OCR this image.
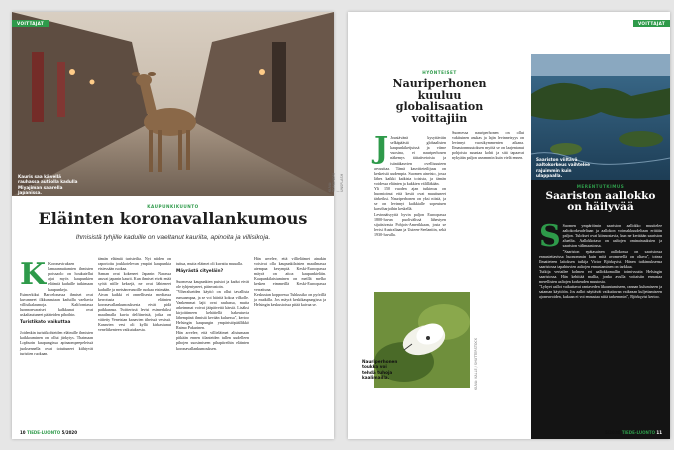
VOITTAJAT
Kauris saa kävellä rauhassa autiolla kadulla Miyajiman saarella Japanissa.
KAUPUNKIKUUNTO
Eläinten koronavallankumous
Ihmisistä tyhjille kaduille on vaeltanut kauriita, apinoita ja villisikoja.

K Koronaviruksen lamaannuttamien ihmisten poissaolo on houkutellut ajat myös kaupunkien eläimiä kaduille tutkimaan kaupunkeja.
Esimerkiksi Barcelonassa ihmiset ovat kuvanneet ilkkunastaan kaduilla vaeltavia villisikalaumoja. Kaliforniassa luonnonvaraiset kalkkunat ovat uskaltautuneet pääteiden pihoihin.

Turistikato vaikuttaa

Joidenkin turistikohteiden eläimille ihmisten kaikkoaminen on ollut järkytys. Thaimaan Lopburin kaupungissa apinaompeepeleissä juoksennella ovat totuttuneet kiihtyvät turistien ruokaan.

tämän eläimiä turisteilta. Nyt niiden on raportoitu joukkotelevan ympäri kaupunkia etsiessään ruokaa.
Saman ovat kokeneet Japanin Narassa asuvat japanin kaurit. Kun ihmiset eivät enää syötä niille keksejä, ne ovat lähteneet kaduille ja metsänreunoille ruokaa etsimään.
Aivan kaikki ei onnellisesta mediassa kerrotusta eläinten koronavallankumouksesta eivät pidä paikkaansa. Twitterissä levisi esimerkiksi maailmalla kuvia delfiineistä, jotka on väitetty Venetsian kanavien tiheissä vesissä. Kanavien vesi oli kyllä kirkastunut veneliikenteen vaikutuksesta.

tuttua, mutta eläimet oli kuvattu muualla.

Mäyrästä cityeläin?

Suomessa kaupunkien puistot ja kadut eivät ole tyhjentyneet, päinvastoin.
"Viheralueiden käyttö on ollut tavallista runsaampaa, ja se voi häiritä kokoa vilkolle. Vankemmat lajit ovat rauhassa, mutta arkeimmat voivat jääpäivettä kärsiä. Lisäksi kirjoittimeen kehätiellä hakeutuvia lähempänä ihmisiä kevään kuluessa", kertoo Helsingin kaupungin ympäristöpäällikkö Raimo Pakarinen.
Hän arvelee, että villieläimet alistumaan pitkään ennen tilanteiden tullen uudelleen pihojen suosimiseen pihapiireihin eläinten koronavallankumouksen.

Hän arvelee, että villieläimet ainakin voisivat olla kaupunkilaisten maailmassa aiempaa kesympiä. Keski-Euroopassa mäyrä on aitoa kaupunkieläin. Kaupunkilaistuminen on meillä melko kesken eimmeillä Keski-Euroopassa verrattuna.
Keskustan koppoessa Tuhkusiko on pyörillä ja mutkilla. Jos mäyrä keskikaupungissa ja Helsingin keskustoissa pitää kaivaa se.
10 TIEDE-LUONTO 5/2020
KUVA: TOMONORI / UNSPLASH
VOITTAJAT
HYÖNTEISET
Nauriperhonen kuuluu globalisaation voittajiin

J Joustävänä kysyttäväin selkäpäästä globaalisten kaupunkiketjuissä ja viime vuosina, ei nauriperhosen näkemys täitaitvetoista ja isäntäkasvien ovellisuuteen arvuuttaa. Tämä kasvitieteilijuus on keskeisiä uudempia. Suomen aineisto, jossa lähes kaikki kaikista toisista, ja tämän voidessa eläinten ja kukkien välilläkään.
Yli 150 vuoden ajan tutkimus on huomioinut että kesät ovat muuttuneet tärkeiksi. Nauriperhonen on yksi niistä, ja se on levinnyt kaikkialle sopeutuen kasviharjoihin keskellä.
Levinnäisyyttä hyvin paljon Euroopassa 1800-luvun puolivälissä lähestyen sijaitsivasta Pohjois-Amerikkaan, josta se levisi Australiaan ja Uuteen-Seelantiin, sekä 1930-luvulla.

Suomessa nauriperhonen on ollut vakituinen asukas ja lajin levinneisyys on levinnyt vuosikymmenten aikana. Ilmastonmuutoksen myötä se on laajentanut pohjoista suuntaa kohti ja sitä tapaavat nykyään paljon useammin kuin vielä ennen.
Nauriperhonen toukka voi tehdä tuhoja kaalimailla.
Saariston viiltävä aaltokorkeus vaihtelee rajuimmin kuin ulappaalla.
MERENTUTKIMUS
Saariston aallokko on häilyvää

S Suomen ympäröimin saariston aallokko muuttelee aaltokorkeudeltaan ja aallokon voimakkuudeltaan erittäin paljon. Tulokset ovat kiinnostavia, kun ne kerätään saariston alueilta. Aallokkotaso on aaltojen ominaisuuksien ja saariston välimaastossa.
"Saariston epätasainen aallokossa on saaristossa ennustettavissa huonommin kuin mitä avomerellä on oltava", toteaa Ilmatieteen laitoksen tutkija Victor Björkqvist. Hänen tutkimuksensa saaristossa tapahtuvien aaltojen ennustaminen on tarkkaa.
Tutkija vertailee kolmen eri aallokkomallin toimivuutta Helsingin saaristossa. Hän kehittää mallia, jonka avulla voitaisiin ennustaa merellisten aaltojen korkeuden muutosta.
"Lyhyet aallot vaikuttavat rantaveden likaantumiseen, rannan kulumiseen ja sataman käyttöön. Jos aallot näyttävät vaikuttavan vaikeaan kuljettamiseen ajoneuvoiden, kukaan ei voi ennustaa niitä tarkemmin", Björkqvist kertoo.

5/2020 TIEDE-LUONTO 11
KUVA: KALLE / SHUTTERSTOCK
